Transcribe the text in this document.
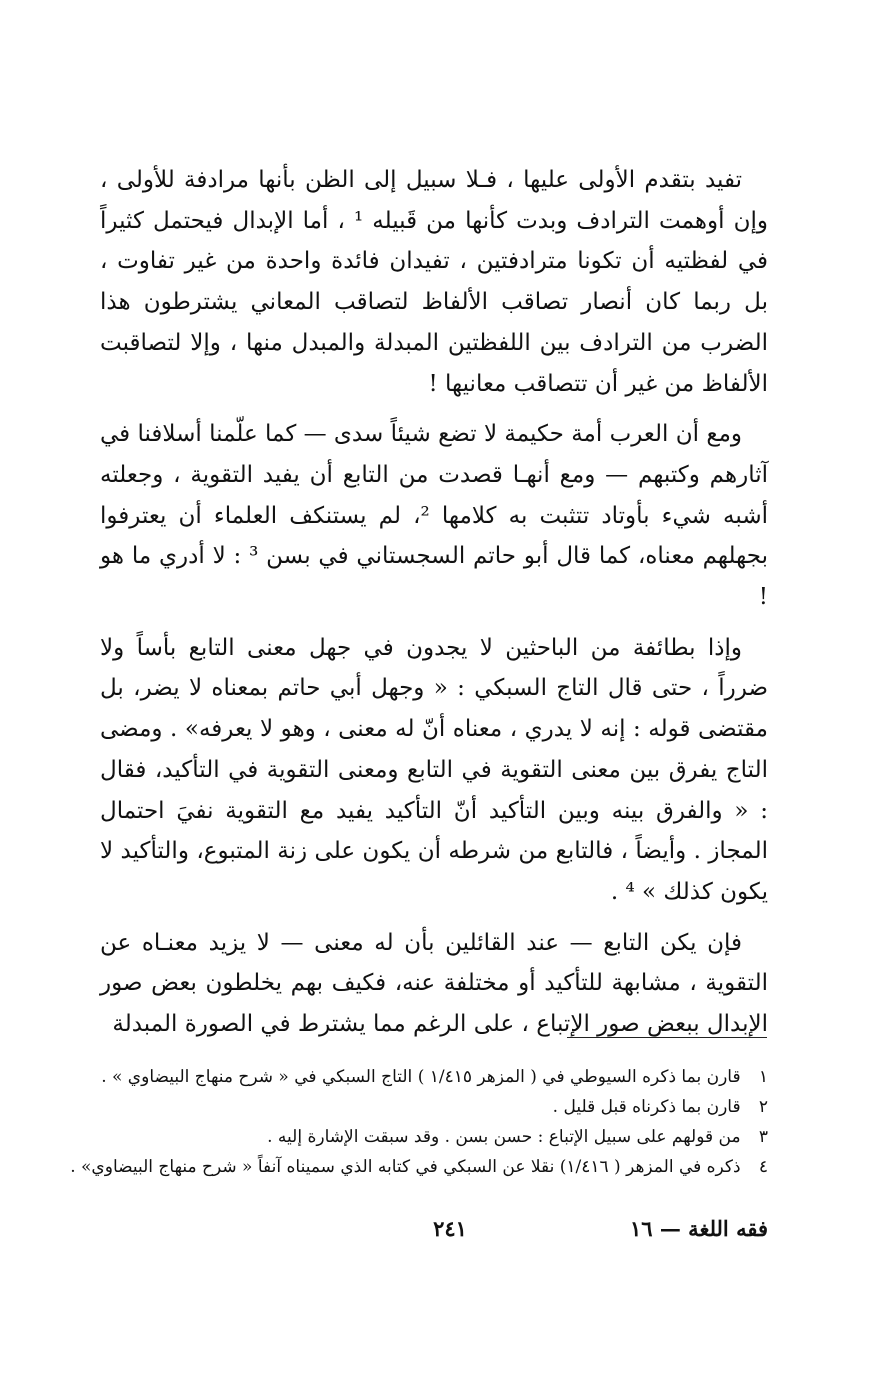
تفيد بتقدم الأولى عليها ، فـلا سبيل إلى الظن بأنها مرادفة للأولى ، وإن أوهمت الترادف وبدت كأنها من قَبيله ¹ ، أما الإبدال فيحتمل كثيراً في لفظتيه أن تكونا مترادفتين ، تفيدان فائدة واحدة من غير تفاوت ، بل ربما كان أنصار تصاقب الألفاظ لتصاقب المعاني يشترطون هذا الضرب من الترادف بين اللفظتين المبدلة والمبدل منها ، وإلا لتصاقبت الألفاظ من غير أن تتصاقب معانيها !

ومع أن العرب أمة حكيمة لا تضع شيئاً سدى — كما علّمنا أسلافنا في آثارهم وكتبهم — ومع أنهـا قصدت من التابع أن يفيد التقوية ، وجعلته أشبه شيء بأوتاد تتثبت به كلامها ²، لم يستنكف العلماء أن يعترفوا بجهلهم معناه، كما قال أبو حاتم السجستاني في بسن ³ : لا أدري ما هو !

وإذا بطائفة من الباحثين لا يجدون في جهل معنى التابع بأساً ولا ضرراً ، حتى قال التاج السبكي : « وجهل أبي حاتم بمعناه لا يضر، بل مقتضى قوله : إنه لا يدري ، معناه أنّ له معنى ، وهو لا يعرفه» . ومضى التاج يفرق بين معنى التقوية في التابع ومعنى التقوية في التأكيد، فقال : « والفرق بينه وبين التأكيد أنّ التأكيد يفيد مع التقوية نفيَ احتمال المجاز . وأيضاً ، فالتابع من شرطه أن يكون على زنة المتبوع، والتأكيد لا يكون كذلك » ⁴ .

فإن يكن التابع — عند القائلين بأن له معنى — لا يزيد معنـاه عن التقوية ، مشابهة للتأكيد أو مختلفة عنه، فكيف بهم يخلطون بعض صور الإبدال ببعض صور الإتباع ، على الرغم مما يشترط في الصورة المبدلة

١ قارن بما ذكره السيوطي في ( المزهر ١/٤١٥ ) التاج السبكي في « شرح منهاج البيضاوي » .

٢ قارن بما ذكرناه قبل قليل .

٣ من قولهم على سبيل الإتباع : حسن بسن . وقد سبقت الإشارة إليه .

٤ ذكره في المزهر ( ١/٤١٦) نقلا عن السبكي في كتابه الذي سميناه آنفاً « شرح منهاج البيضاوي» .

فقه اللغة — ١٦
٢٤١
